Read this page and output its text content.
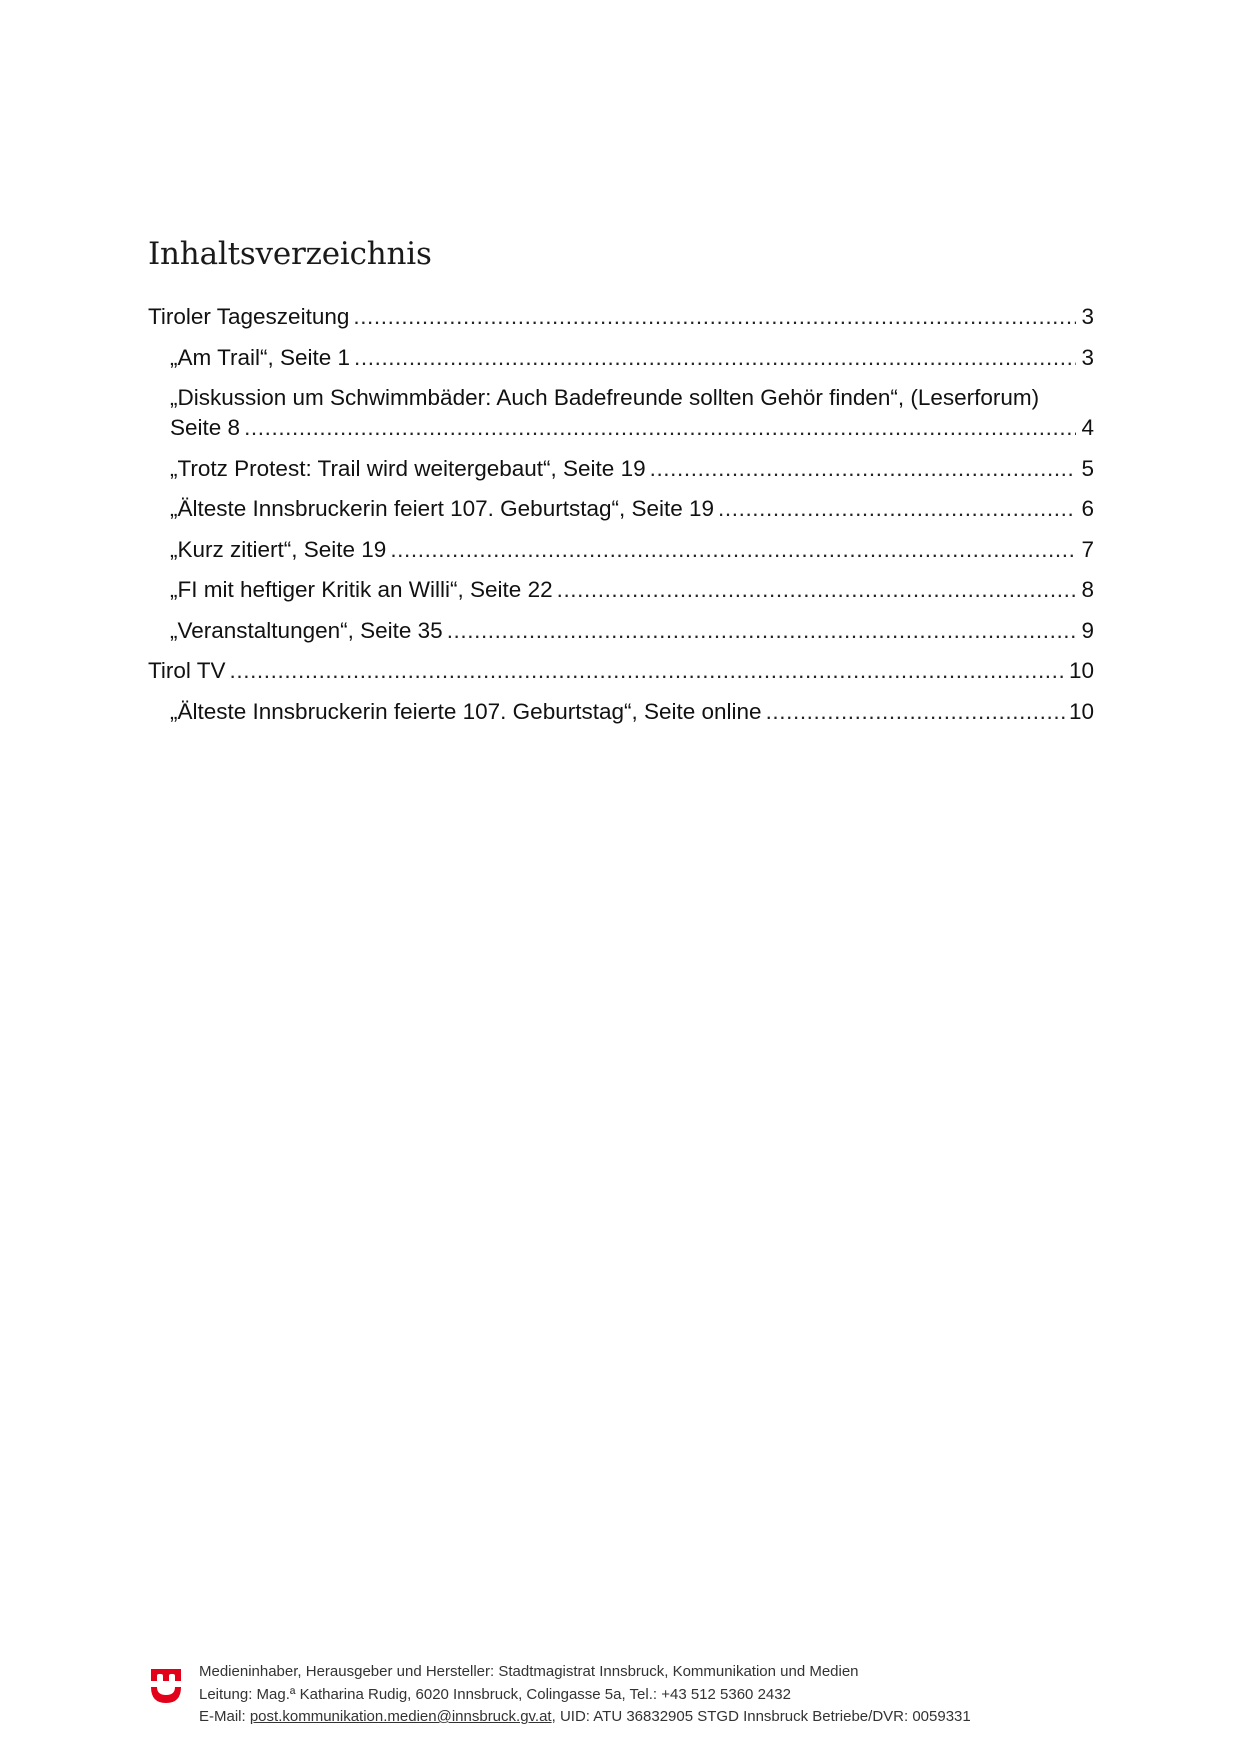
Inhaltsverzeichnis
Tiroler Tageszeitung .....	3
„Am Trail“, Seite 1 .....	3
„Diskussion um Schwimmbäder: Auch Badefreunde sollten Gehör finden“, (Leserforum)
Seite 8 .....	4
„Trotz Protest: Trail wird weitergebaut“, Seite 19 .....	5
„Älteste Innsbruckerin feiert 107. Geburtstag“, Seite 19 .....	6
„Kurz zitiert“, Seite 19 .....	7
„FI mit heftiger Kritik an Willi“, Seite 22 .....	8
„Veranstaltungen“, Seite 35 .....	9
Tirol TV .....	10
„Älteste Innsbruckerin feierte 107. Geburtstag“, Seite online .....	10
Medieninhaber, Herausgeber und Hersteller: Stadtmagistrat Innsbruck, Kommunikation und Medien
Leitung: Mag.ª Katharina Rudig, 6020 Innsbruck, Colingasse 5a, Tel.: +43 512 5360 2432
E-Mail: post.kommunikation.medien@innsbruck.gv.at, UID: ATU 36832905 STGD Innsbruck Betriebe/DVR: 0059331
